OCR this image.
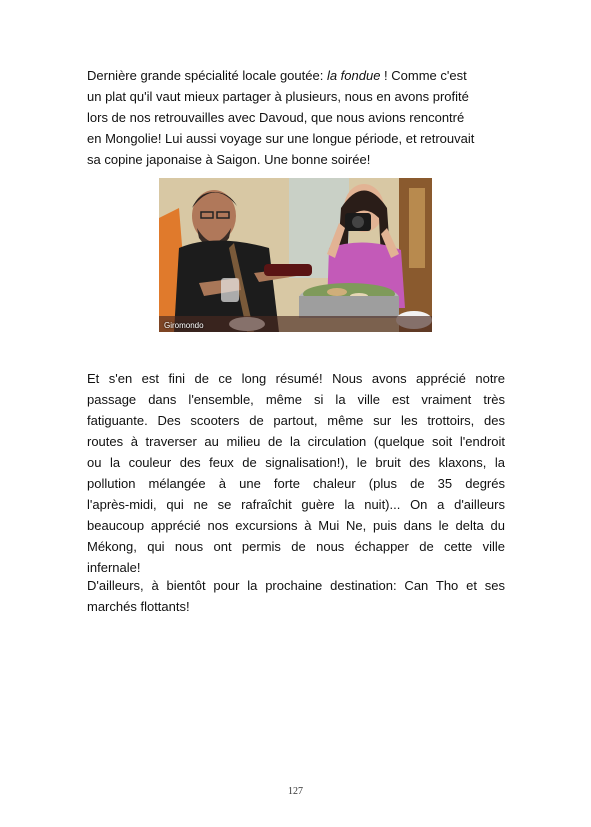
Dernière grande spécialité locale goutée: la fondue ! Comme c'est
un plat qu'il vaut mieux partager à plusieurs, nous en avons profité
lors de nos retrouvailles avec Davoud, que nous avions rencontré
en Mongolie! Lui aussi voyage sur une longue période, et retrouvait
sa copine japonaise à Saigon. Une bonne soirée!
Giromondo
Et s'en est fini de ce long résumé! Nous avons apprécié notre
passage dans l'ensemble, même si la ville est vraiment très
fatiguante. Des scooters de partout, même sur les trottoirs, des
routes à traverser au milieu de la circulation (quelque soit l'endroit
ou la couleur des feux de signalisation!), le bruit des klaxons, la
pollution mélangée à une forte chaleur (plus de 35 degrés
l'après-midi, qui ne se rafraîchit guère la nuit)... On a d'ailleurs
beaucoup apprécié nos excursions à Mui Ne, puis dans le delta du
Mékong, qui nous ont permis de nous échapper de cette ville
infernale!
D'ailleurs, à bientôt pour la prochaine destination: Can Tho et ses
marchés flottants!
127
